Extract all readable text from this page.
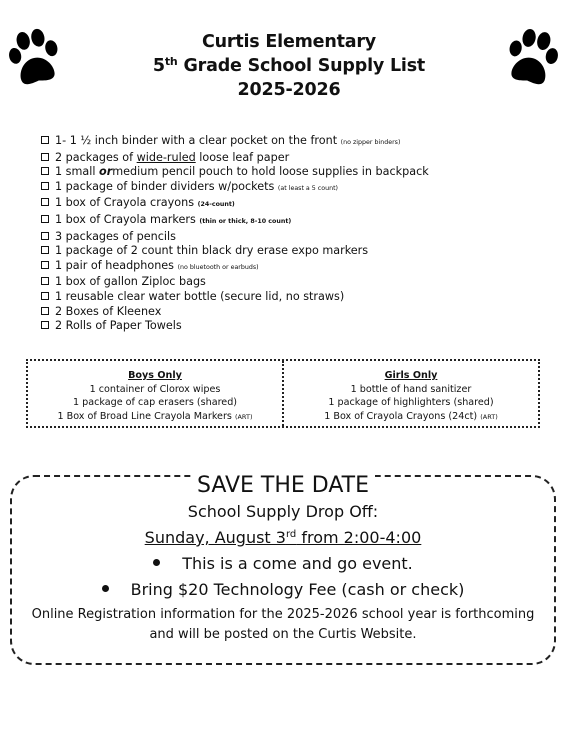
Curtis Elementary
5th Grade School Supply List
2025-2026
1- 1 ½ inch binder with a clear pocket on the front (no zipper binders)
2 packages of wide-ruled loose leaf paper
1 small ormedium pencil pouch to hold loose supplies in backpack
1 package of binder dividers w/pockets (at least a 5 count)
1 box of Crayola crayons (24-count)
1 box of Crayola markers (thin or thick, 8-10 count)
3 packages of pencils
1 package of 2 count thin black dry erase expo markers
1 pair of headphones (no bluetooth or earbuds)
1 box of gallon Ziploc bags
1 reusable clear water bottle (secure lid, no straws)
2 Boxes of Kleenex
2 Rolls of Paper Towels
Boys Only
1 container of Clorox wipes
1 package of cap erasers (shared)
1 Box of Broad Line Crayola Markers (ART)
Girls Only
1 bottle of hand sanitizer
1 package of highlighters (shared)
1 Box of Crayola Crayons (24ct) (ART)
SAVE THE DATE
School Supply Drop Off:
Sunday, August 3rd from 2:00-4:00
This is a come and go event.
Bring $20 Technology Fee (cash or check)
Online Registration information for the 2025-2026 school year is forthcoming and will be posted on the Curtis Website.
